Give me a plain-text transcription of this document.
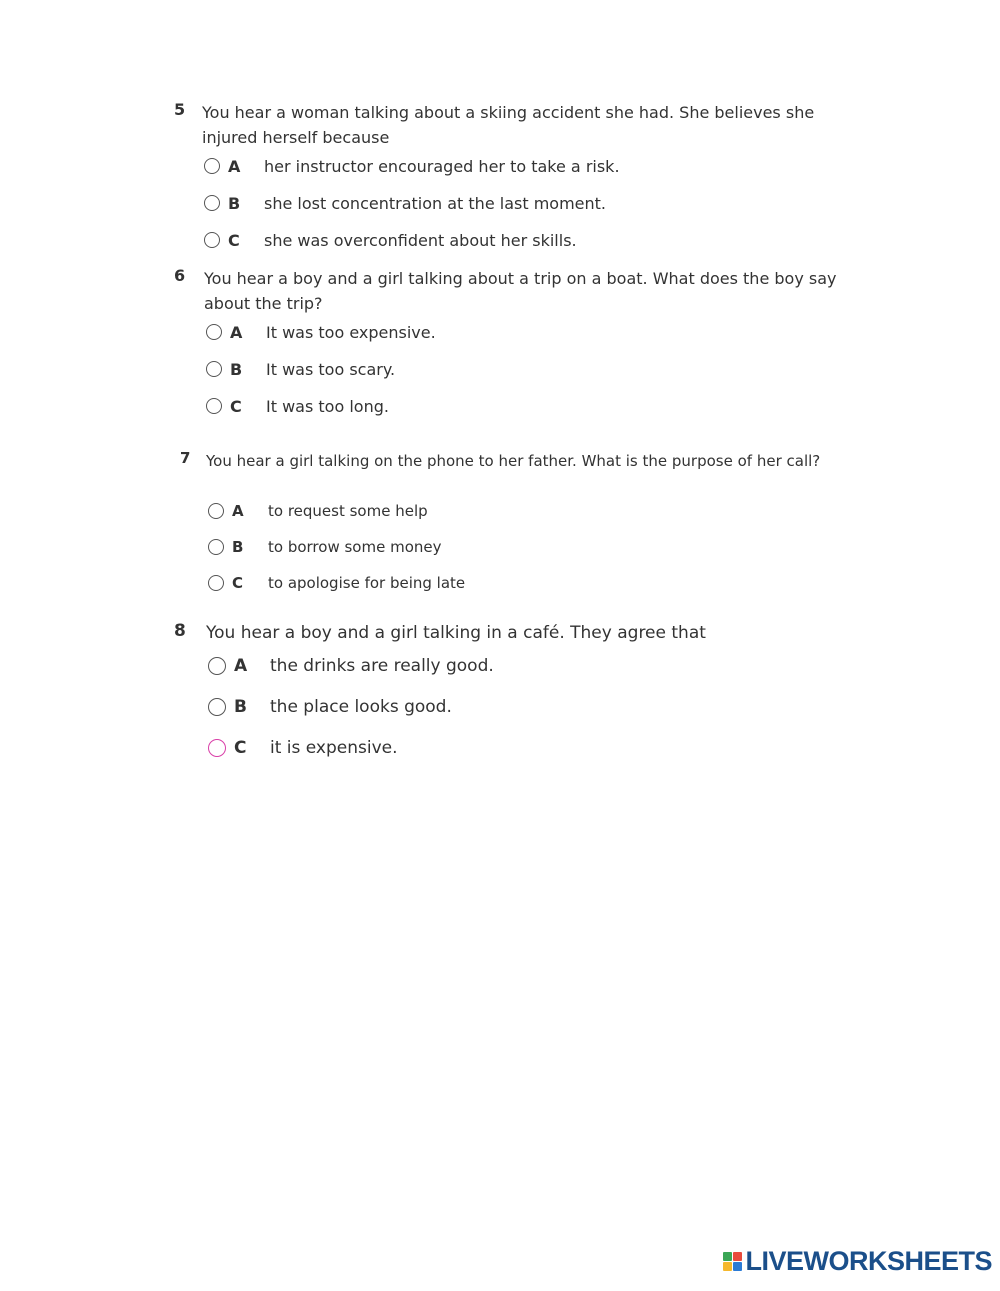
5 You hear a woman talking about a skiing accident she had. She believes she injured herself because
A	her instructor encouraged her to take a risk.
B	she lost concentration at the last moment.
C	she was overconfident about her skills.
6 You hear a boy and a girl talking about a trip on a boat. What does the boy say about the trip?
A	It was too expensive.
B	It was too scary.
C	It was too long.
7 You hear a girl talking on the phone to her father. What is the purpose of her call?
A	to request some help
B	to borrow some money
C	to apologise for being late
8 You hear a boy and a girl talking in a café. They agree that
A	the drinks are really good.
B	the place looks good.
C	it is expensive.
LIVEWORKSHEETS
